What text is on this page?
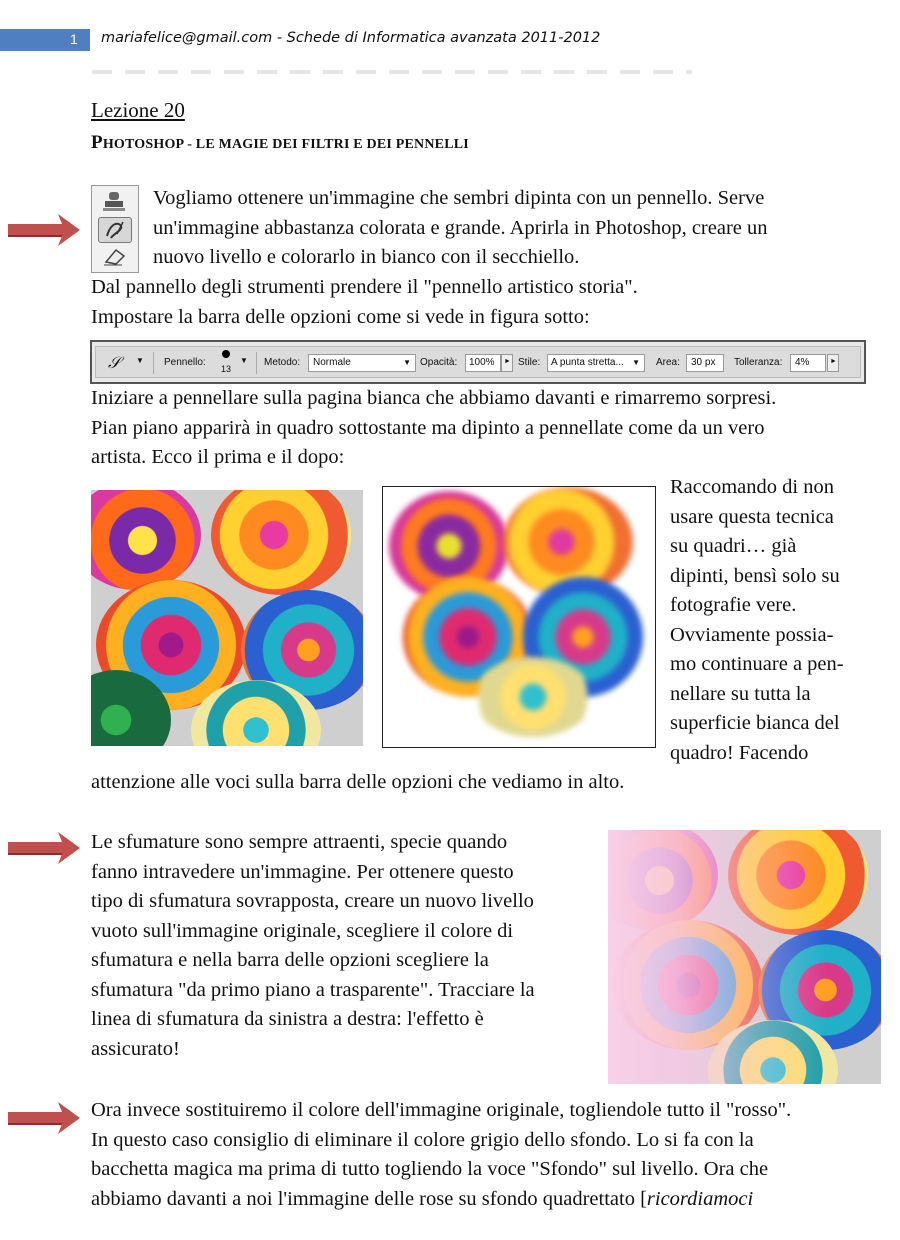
1 mariafelice@gmail.com - Schede di Informatica avanzata 2011-2012

Lezione 20

PHOTOSHOP - LE MAGIE DEI FILTRI E DEI PENNELLI

Vogliamo ottenere un'immagine che sembri dipinta con un pennello. Serve

un'immagine abbastanza colorata e grande. Aprirla in Photoshop, creare un

nuovo livello e colorarlo in bianco con il secchiello.

Dal pannello degli strumenti prendere il "pennello artistico storia".

Impostare la barra delle opzioni come si vede in figura sotto:

𝒮 ▼ Pennello:
13
▼ Metodo: Normale	▼ Opacità: 100% ► Stile: A punta stretta... ▼ Area: 30 px Tolleranza: 4%	►

Iniziare a pennellare sulla pagina bianca che abbiamo davanti e rimarremo sorpresi.

Pian piano apparirà in quadro sottostante ma dipinto a pennellate come da un vero

artista. Ecco il prima e il dopo:

Raccomando di non

usare questa tecnica

su quadri… già

dipinti, bensì solo su

fotografie vere.

Ovviamente possia-

mo continuare a pen-

nellare su tutta la

superficie bianca del

quadro! Facendo

attenzione alle voci sulla barra delle opzioni che vediamo in alto.

Le sfumature sono sempre attraenti, specie quando

fanno intravedere un'immagine. Per ottenere questo

tipo di sfumatura sovrapposta, creare un nuovo livello

vuoto sull'immagine originale, scegliere il colore di

sfumatura e nella barra delle opzioni scegliere la

sfumatura "da primo piano a trasparente". Tracciare la

linea di sfumatura da sinistra a destra: l'effetto è

assicurato!

Ora invece sostituiremo il colore dell'immagine originale, togliendole tutto il "rosso".

In questo caso consiglio di eliminare il colore grigio dello sfondo. Lo si fa con la

bacchetta magica ma prima di tutto togliendo la voce "Sfondo" sul livello. Ora che

abbiamo davanti a noi l'immagine delle rose su sfondo quadrettato [ricordiamoci
